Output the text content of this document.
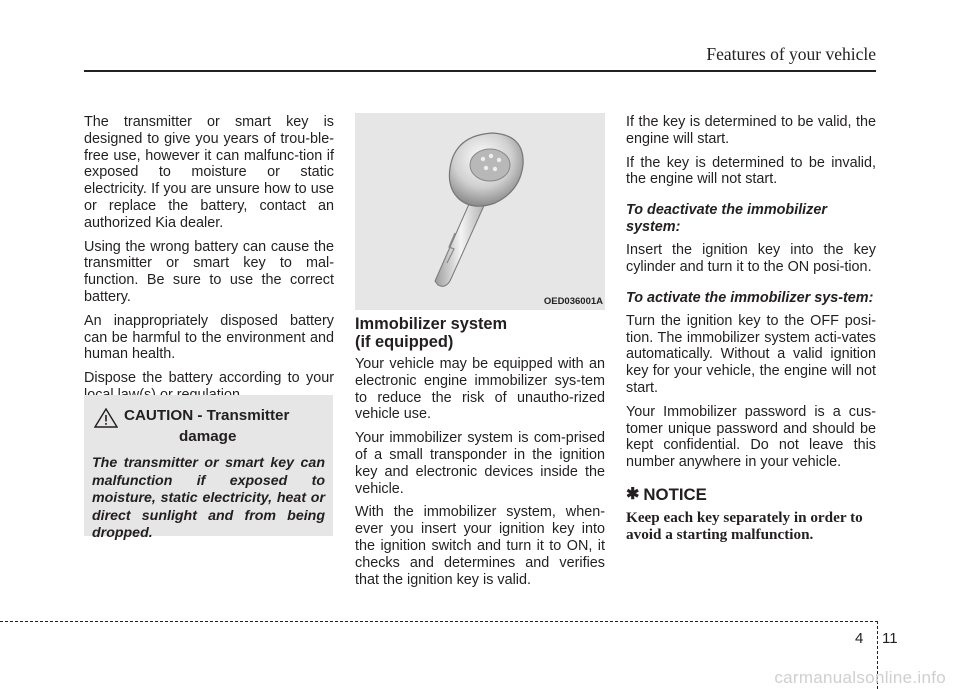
Features of your vehicle

The transmitter or smart key is designed to give you years of trou-ble-free use, however it can malfunc-tion if exposed to moisture or static electricity. If you are unsure how to use or replace the battery, contact an authorized Kia dealer.

Using the wrong battery can cause the transmitter or smart key to mal-function. Be sure to use the correct battery.

An inappropriately disposed battery can be harmful to the environment and human health.

Dispose the battery according to your

CAUTION - Transmitter
damage
The transmitter or smart key can malfunction if exposed to moisture, static electricity, heat or direct sunlight and from being dropped.
OED036001A
Immobilizer system
(if equipped)

Your vehicle may be equipped with an electronic engine immobilizer sys-tem to reduce the risk of unautho-rized vehicle use.

Your immobilizer system is com-prised of a small transponder in the ignition key and electronic devices inside the vehicle.

With the immobilizer system, when-ever you insert your ignition key into the ignition switch and turn it to ON, it checks and determines and verifies that the ignition key is valid.

If the key is determined to be valid, the engine will start.

If the key is determined to be invalid, the engine will not start.

To deactivate the immobilizer system:

Insert the ignition key into the key cylinder and turn it to the ON posi-tion.

To activate the immobilizer sys-tem:

Turn the ignition key to the OFF posi-tion. The immobilizer system acti-vates automatically. Without a valid ignition key for your vehicle, the engine will not start.

Your Immobilizer password is a cus-tomer unique password and should be kept confidential. Do not leave this number anywhere in your vehicle.

✱ NOTICE
Keep each key separately in order to avoid a starting malfunction.
4 11
carmanualsonline.info
